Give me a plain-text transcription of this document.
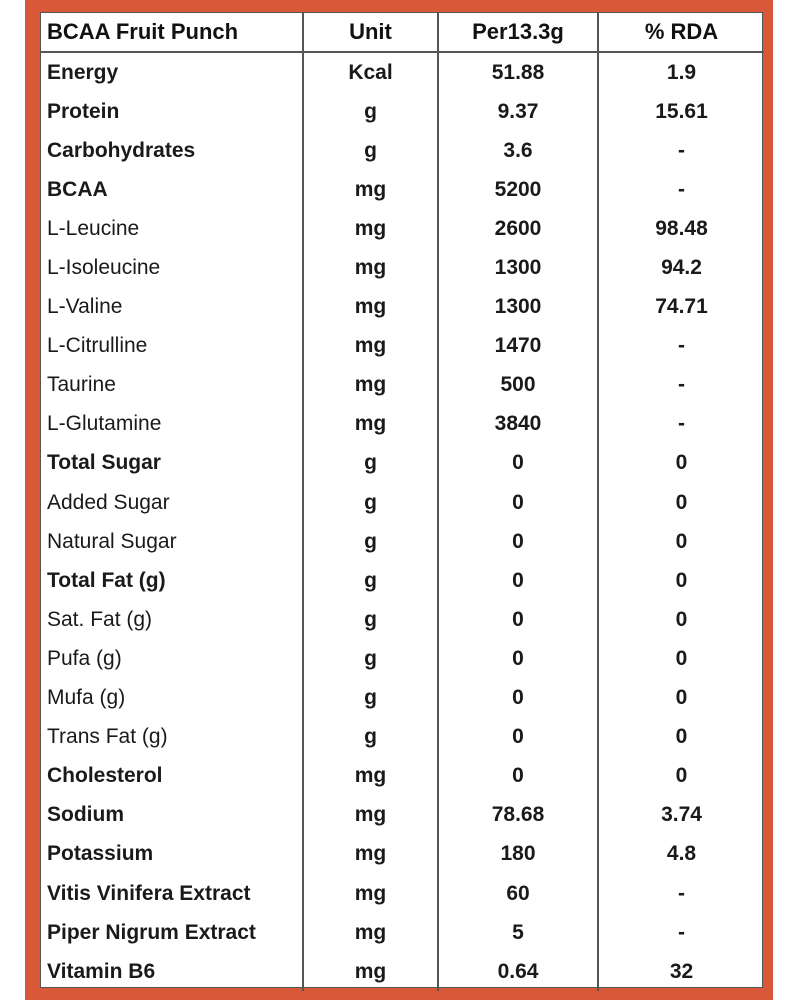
BCAA Fruit Punch	Unit	Per13.3g	% RDA
Energy	Kcal	51.88	1.9
Protein	g	9.37	15.61
Carbohydrates	g	3.6	-
BCAA	mg	5200	-
L-Leucine	mg	2600	98.48
L-Isoleucine	mg	1300	94.2
L-Valine	mg	1300	74.71
L-Citrulline	mg	1470	-
Taurine	mg	500	-
L-Glutamine	mg	3840	-
Total Sugar	g	0	0
Added Sugar	g	0	0
Natural Sugar	g	0	0
Total Fat (g)	g	0	0
Sat. Fat (g)	g	0	0
Pufa (g)	g	0	0
Mufa (g)	g	0	0
Trans Fat (g)	g	0	0
Cholesterol	mg	0	0
Sodium	mg	78.68	3.74
Potassium	mg	180	4.8
Vitis Vinifera Extract	mg	60	-
Piper Nigrum Extract	mg	5	-
Vitamin B6	mg	0.64	32
